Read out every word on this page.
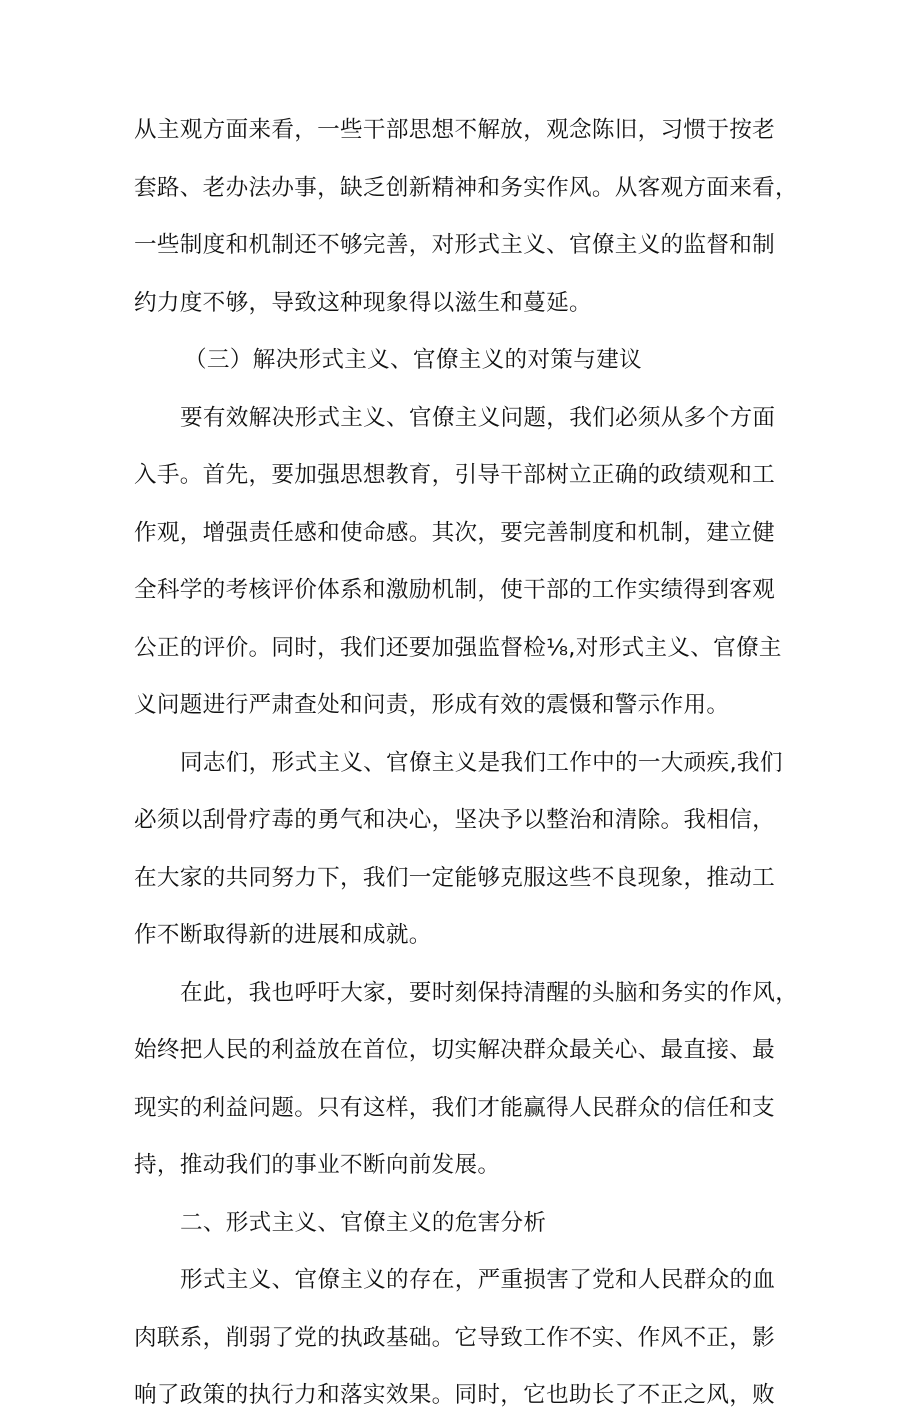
从主观方面来看，一些干部思想不解放，观念陈旧，习惯于按老
套路、老办法办事，缺乏创新精神和务实作风。从客观方面来看，
一些制度和机制还不够完善，对形式主义、官僚主义的监督和制
约力度不够，导致这种现象得以滋生和蔓延。
（三）解决形式主义、官僚主义的对策与建议
要有效解决形式主义、官僚主义问题，我们必须从多个方面
入手。首先，要加强思想教育，引导干部树立正确的政绩观和工
作观，增强责任感和使命感。其次，要完善制度和机制，建立健
全科学的考核评价体系和激励机制，使干部的工作实绩得到客观
公正的评价。同时，我们还要加强监督检⅛,对形式主义、官僚主
义问题进行严肃查处和问责，形成有效的震慑和警示作用。
同志们，形式主义、官僚主义是我们工作中的一大顽疾,我们
必须以刮骨疗毒的勇气和决心，坚决予以整治和清除。我相信，
在大家的共同努力下，我们一定能够克服这些不良现象，推动工
作不断取得新的进展和成就。
在此，我也呼吁大家，要时刻保持清醒的头脑和务实的作风，
始终把人民的利益放在首位，切实解决群众最关心、最直接、最
现实的利益问题。只有这样，我们才能赢得人民群众的信任和支
持，推动我们的事业不断向前发展。
二、形式主义、官僚主义的危害分析
形式主义、官僚主义的存在，严重损害了党和人民群众的血
肉联系，削弱了党的执政基础。它导致工作不实、作风不正，影
响了政策的执行力和落实效果。同时，它也助长了不正之风，败
